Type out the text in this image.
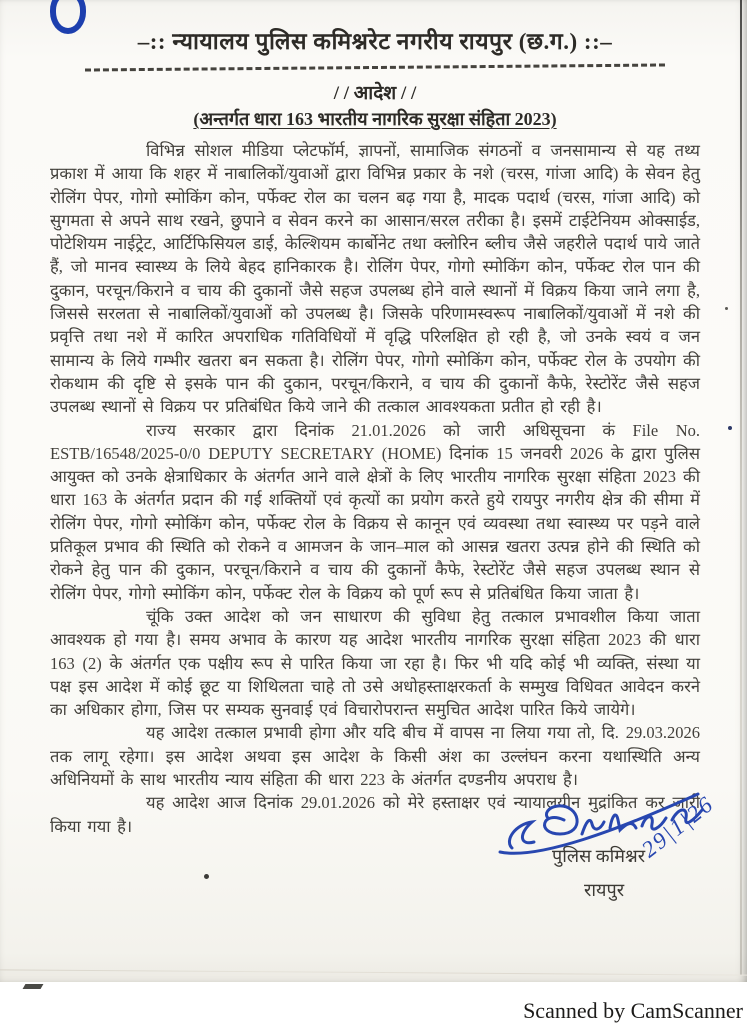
–:: न्यायालय पुलिस कमिश्नरेट नगरीय रायपुर (छ.ग.) ::–
/ / आदेश / /
(अन्तर्गत धारा 163 भारतीय नागरिक सुरक्षा संहिता 2023)

विभिन्न सोशल मीडिया प्लेटफॉर्म, ज्ञापनों, सामाजिक संगठनों व जनसामान्य से यह तथ्य प्रकाश में आया कि शहर में नाबालिकों/युवाओं द्वारा विभिन्न प्रकार के नशे (चरस, गांजा आदि) के सेवन हेतु रोलिंग पेपर, गोगो स्मोकिंग कोन, पर्फेक्ट रोल का चलन बढ़ गया है, मादक पदार्थ (चरस, गांजा आदि) को सुगमता से अपने साथ रखने, छुपाने व सेवन करने का आसान/सरल तरीका है। इसमें टाईटेनियम ओक्साईड, पोटेशियम नाईट्रेट, आर्टिफिसियल डाई, केल्शियम कार्बोनेट तथा क्लोरिन ब्लीच जैसे जहरीले पदार्थ पाये जाते हैं, जो मानव स्वास्थ्य के लिये बेहद हानिकारक है। रोलिंग पेपर, गोगो स्मोकिंग कोन, पर्फेक्ट रोल पान की दुकान, परचून/किराने व चाय की दुकानों जैसे सहज उपलब्ध होने वाले स्थानों में विक्रय किया जाने लगा है, जिससे सरलता से नाबालिकों/युवाओं को उपलब्ध है। जिसके परिणामस्वरूप नाबालिकों/युवाओं में नशे की प्रवृत्ति तथा नशे में कारित अपराधिक गतिविधियों में वृद्धि परिलक्षित हो रही है, जो उनके स्वयं व जन सामान्य के लिये गम्भीर खतरा बन सकता है। रोलिंग पेपर, गोगो स्मोकिंग कोन, पर्फेक्ट रोल के उपयोग की रोकथाम की दृष्टि से इसके पान की दुकान, परचून/किराने, व चाय की दुकानों कैफे, रेस्टोरेंट जैसे सहज उपलब्ध स्थानों से विक्रय पर प्रतिबंधित किये जाने की तत्काल आवश्यकता प्रतीत हो रही है।

राज्य सरकार द्वारा दिनांक 21.01.2026 को जारी अधिसूचना कं File No. ESTB/16548/2025-0/0 DEPUTY SECRETARY (HOME) दिनांक 15 जनवरी 2026 के द्वारा पुलिस आयुक्त को उनके क्षेत्राधिकार के अंतर्गत आने वाले क्षेत्रों के लिए भारतीय नागरिक सुरक्षा संहिता 2023 की धारा 163 के अंतर्गत प्रदान की गई शक्तियों एवं कृत्यों का प्रयोग करते हुये रायपुर नगरीय क्षेत्र की सीमा में रोलिंग पेपर, गोगो स्मोकिंग कोन, पर्फेक्ट रोल के विक्रय से कानून एवं व्यवस्था तथा स्वास्थ्य पर पड़ने वाले प्रतिकूल प्रभाव की स्थिति को रोकने व आमजन के जान–माल को आसन्न खतरा उत्पन्न होने की स्थिति को रोकने हेतु पान की दुकान, परचून/किराने व चाय की दुकानों कैफे, रेस्टोरेंट जैसे सहज उपलब्ध स्थान से रोलिंग पेपर, गोगो स्मोकिंग कोन, पर्फेक्ट रोल के विक्रय को पूर्ण रूप से प्रतिबंधित किया जाता है।

चूंकि उक्त आदेश को जन साधारण की सुविधा हेतु तत्काल प्रभावशील किया जाता आवश्यक हो गया है। समय अभाव के कारण यह आदेश भारतीय नागरिक सुरक्षा संहिता 2023 की धारा 163 (2) के अंतर्गत एक पक्षीय रूप से पारित किया जा रहा है। फिर भी यदि कोई भी व्यक्ति, संस्था या पक्ष इस आदेश में कोई छूट या शिथिलता चाहे तो उसे अधोहस्ताक्षरकर्ता के सम्मुख विधिवत आवेदन करने का अधिकार होगा, जिस पर सम्यक सुनवाई एवं विचारोपरान्त समुचित आदेश पारित किये जायेगे।

यह आदेश तत्काल प्रभावी होगा और यदि बीच में वापस ना लिया गया तो, दि. 29.03.2026 तक लागू रहेगा। इस आदेश अथवा इस आदेश के किसी अंश का उल्लंघन करना यथास्थिति अन्य अधिनियमों के साथ भारतीय न्याय संहिता की धारा 223 के अंतर्गत दण्डनीय अपराध है।

यह आदेश आज दिनांक 29.01.2026 को मेरे हस्ताक्षर एवं न्यायालयीन मुद्रांकित कर जारी किया गया है।	29|1|26
पुलिस कमिश्नर
रायपुर
Scanned by CamScanner
